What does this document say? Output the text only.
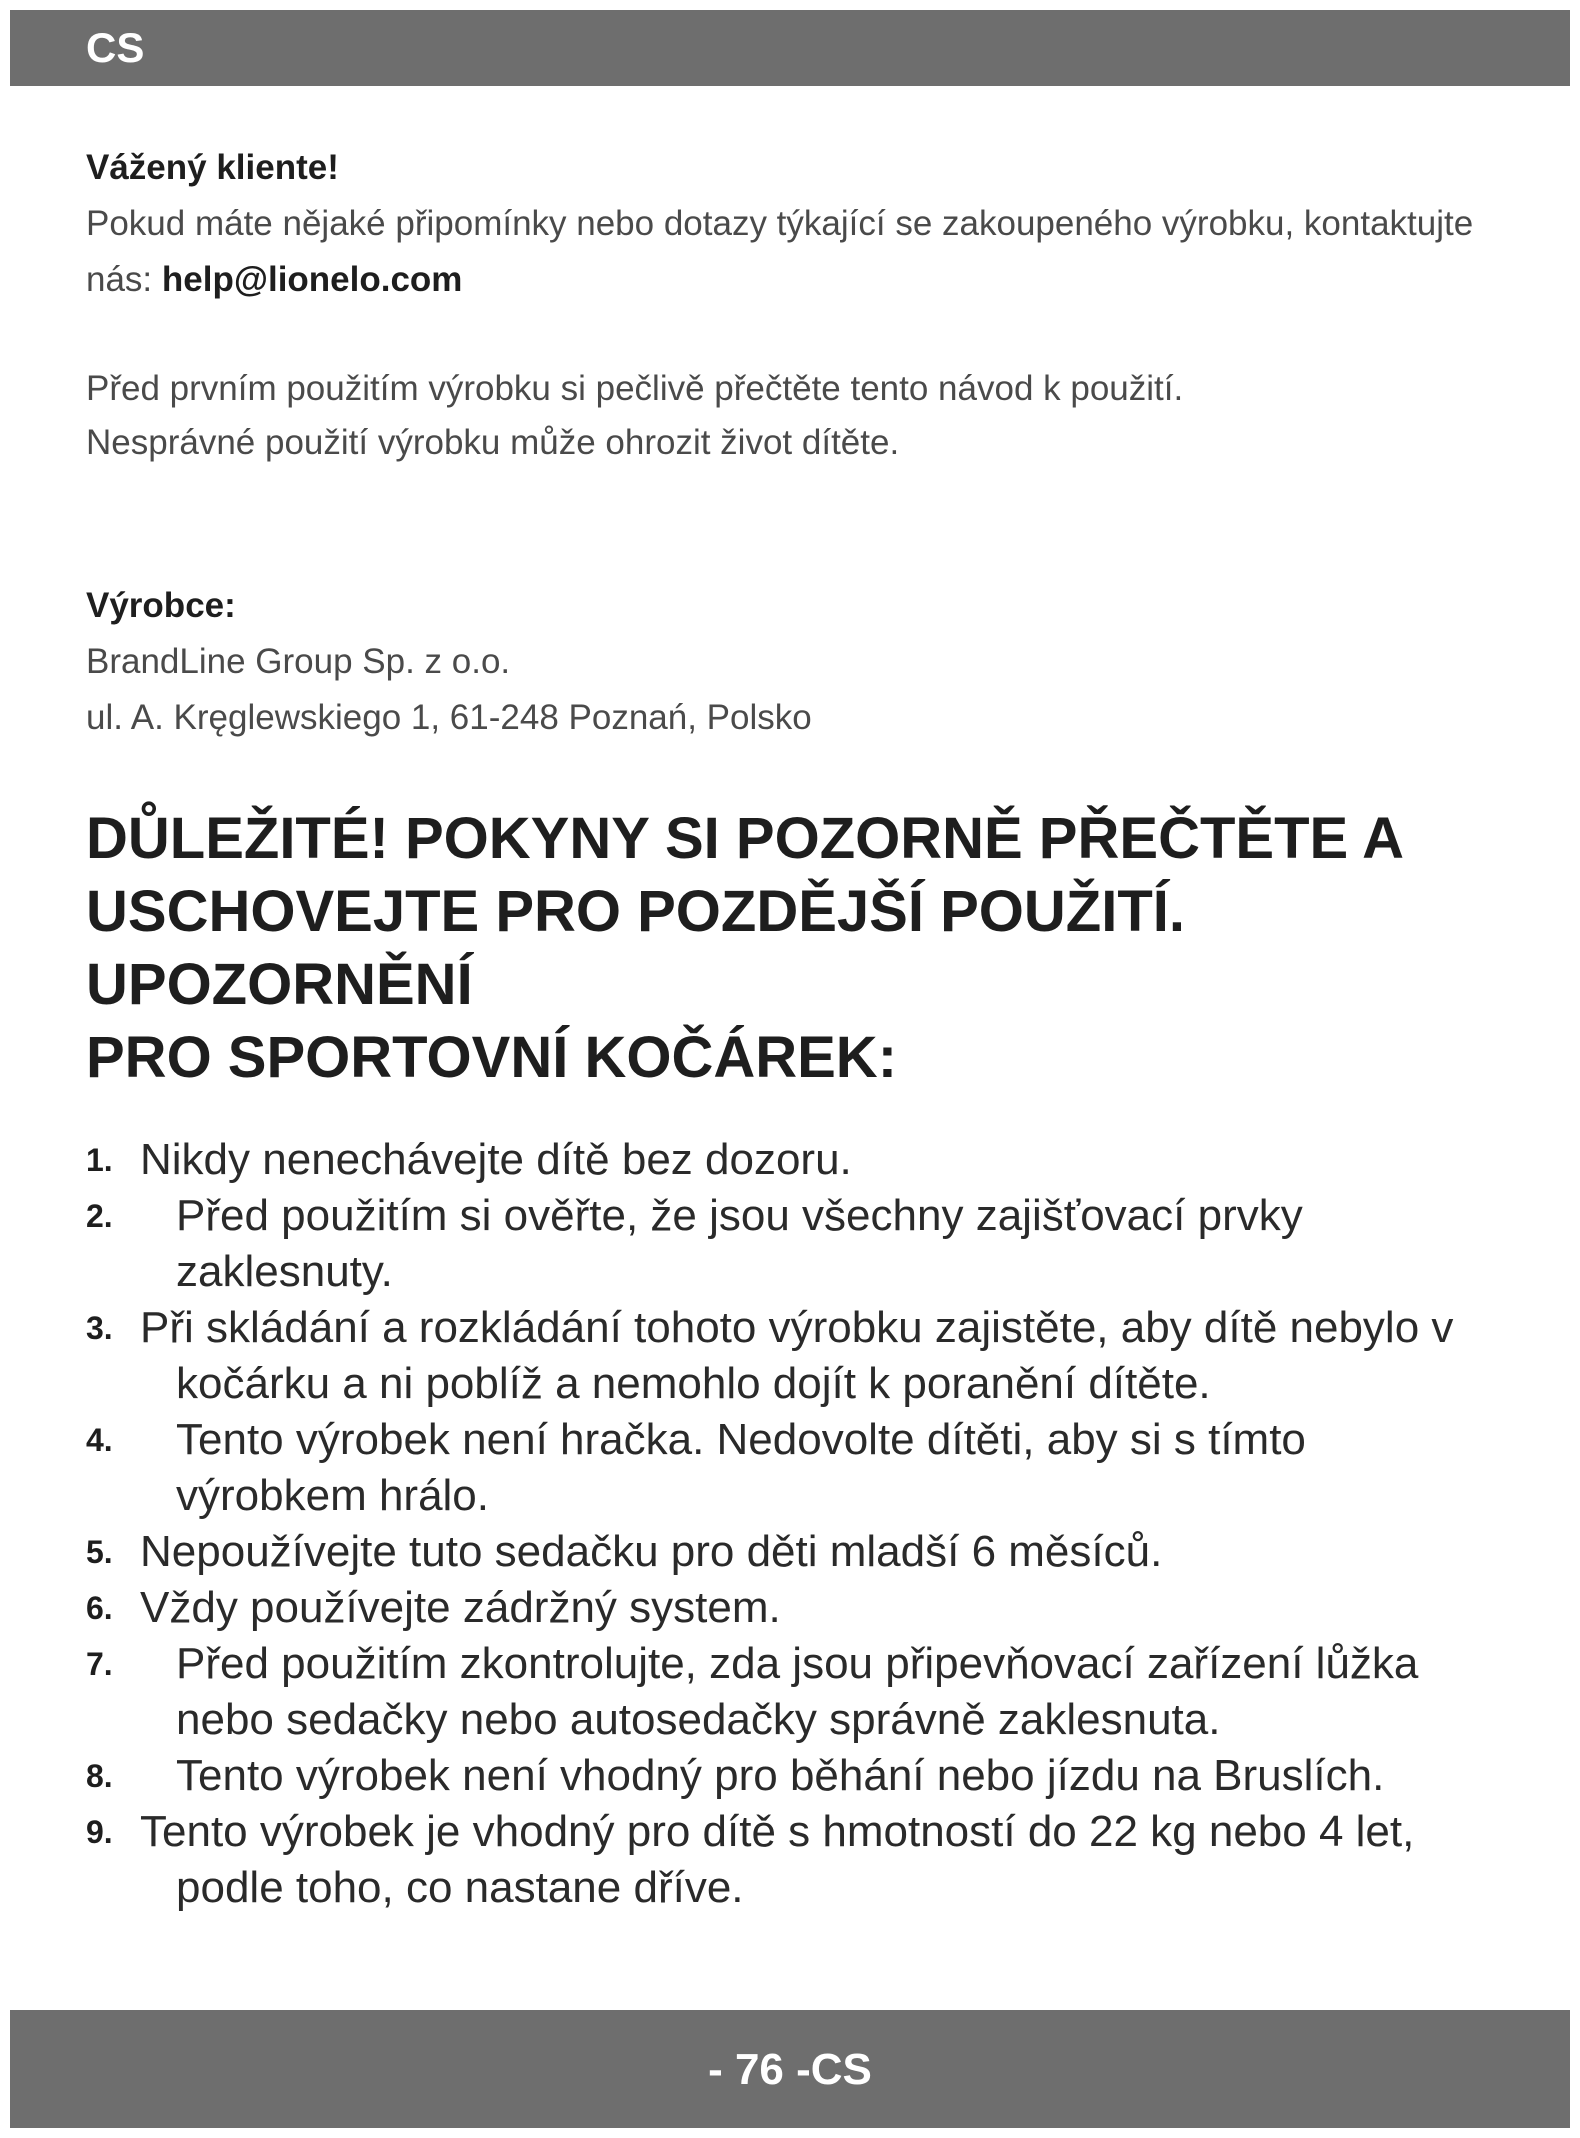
CS
Vážený kliente!
Pokud máte nějaké připomínky nebo dotazy týkající se zakoupeného výrobku, kontaktujte nás: help@lionelo.com
Před prvním použitím výrobku si pečlivě přečtěte tento návod k použití.
Nesprávné použití výrobku může ohrozit život dítěte.
Výrobce:
BrandLine Group Sp. z o.o.
ul. A. Kręglewskiego 1, 61-248 Poznań, Polsko
DŮLEŽITÉ! POKYNY SI POZORNĚ PŘEČTĚTE A
USCHOVEJTE PRO POZDĚJŠÍ POUŽITÍ.
UPOZORNĚNÍ
PRO SPORTOVNÍ KOČÁREK:
1. Nikdy nenechávejte dítě bez dozoru.
2. Před použitím si ověřte, že jsou všechny zajišťovací prvky zaklesnuty.
3. Při skládání a rozkládání tohoto výrobku zajistěte, aby dítě nebylo v kočárku a ni poblíž a nemohlo dojít k poranění dítěte.
4. Tento výrobek není hračka. Nedovolte dítěti, aby si s tímto výrobkem hrálo.
5. Nepoužívejte tuto sedačku pro děti mladší 6 měsíců.
6. Vždy používejte zádržný system.
7. Před použitím zkontrolujte, zda jsou připevňovací zařízení lůžka nebo sedačky nebo autosedačky správně zaklesnuta.
8. Tento výrobek není vhodný pro běhání nebo jízdu na Bruslích.
9. Tento výrobek je vhodný pro dítě s hmotností do 22 kg nebo 4 let, podle toho, co nastane dříve.
- 76 -CS
